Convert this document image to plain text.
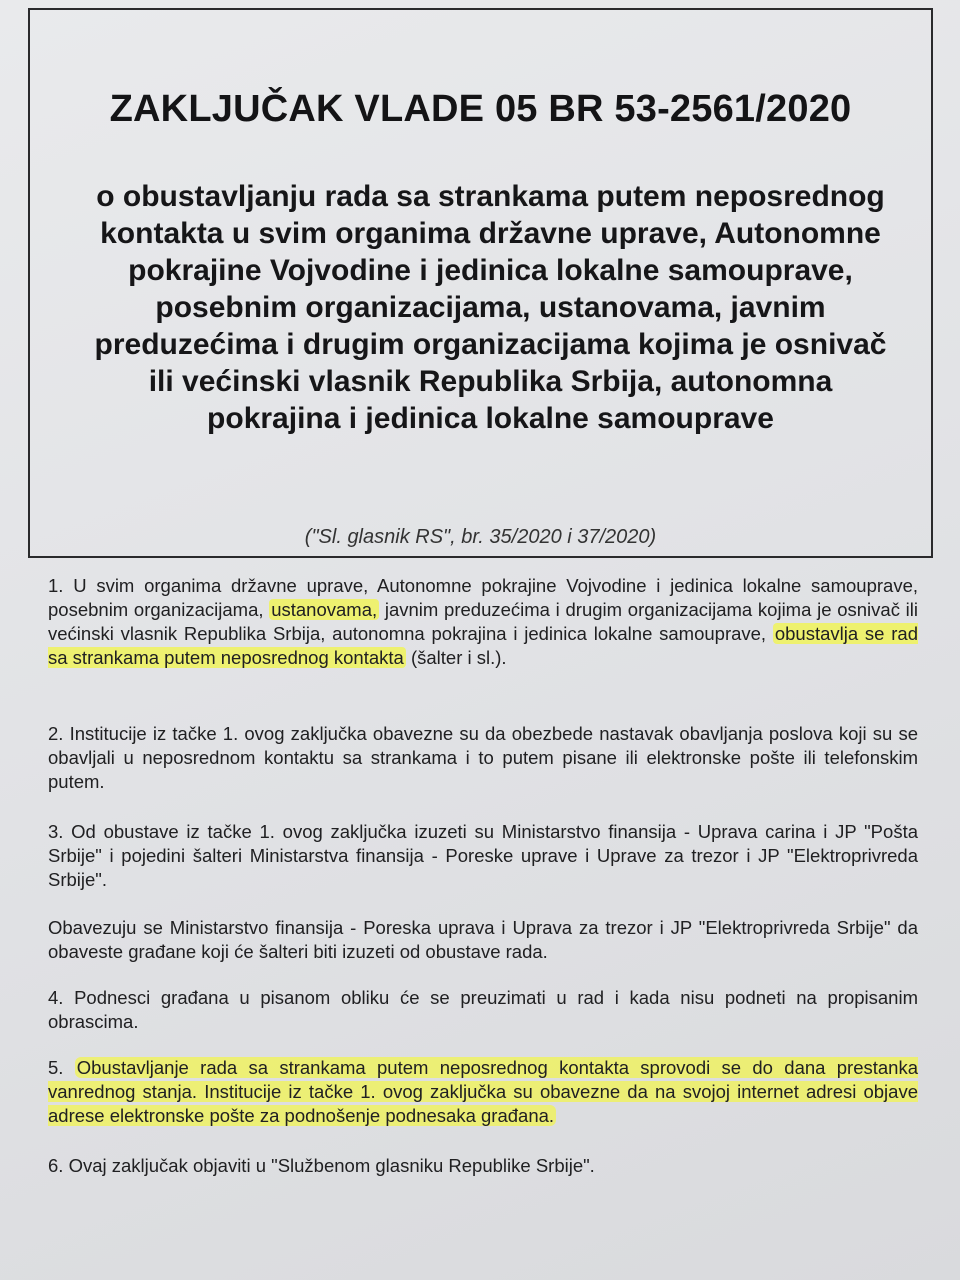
ZAKLJUČAK VLADE 05 BR 53-2561/2020

o obustavljanju rada sa strankama putem neposrednog kontakta u svim organima državne uprave, Autonomne pokrajine Vojvodine i jedinica lokalne samouprave, posebnim organizacijama, ustanovama, javnim preduzećima i drugim organizacijama kojima je osnivač ili većinski vlasnik Republika Srbija, autonomna pokrajina i jedinica lokalne samouprave

("Sl. glasnik RS", br. 35/2020 i 37/2020)

1. U svim organima državne uprave, Autonomne pokrajine Vojvodine i jedinica lokalne samouprave, posebnim organizacijama, ustanovama, javnim preduzećima i drugim organizacijama kojima je osnivač ili većinski vlasnik Republika Srbija, autonomna pokrajina i jedinica lokalne samouprave, obustavlja se rad sa strankama putem neposrednog kontakta (šalter i sl.).

2. Institucije iz tačke 1. ovog zaključka obavezne su da obezbede nastavak obavljanja poslova koji su se obavljali u neposrednom kontaktu sa strankama i to putem pisane ili elektronske pošte ili telefonskim putem.

3. Od obustave iz tačke 1. ovog zaključka izuzeti su Ministarstvo finansija - Uprava carina i JP "Pošta Srbije" i pojedini šalteri Ministarstva finansija - Poreske uprave i Uprave za trezor i JP "Elektroprivreda Srbije".

Obavezuju se Ministarstvo finansija - Poreska uprava i Uprava za trezor i JP "Elektroprivreda Srbije" da obaveste građane koji će šalteri biti izuzeti od obustave rada.

4. Podnesci građana u pisanom obliku će se preuzimati u rad i kada nisu podneti na propisanim obrascima.

5. Obustavljanje rada sa strankama putem neposrednog kontakta sprovodi se do dana prestanka vanrednog stanja. Institucije iz tačke 1. ovog zaključka su obavezne da na svojoj internet adresi objave adrese elektronske pošte za podnošenje podnesaka građana.

6. Ovaj zaključak objaviti u "Službenom glasniku Republike Srbije".
